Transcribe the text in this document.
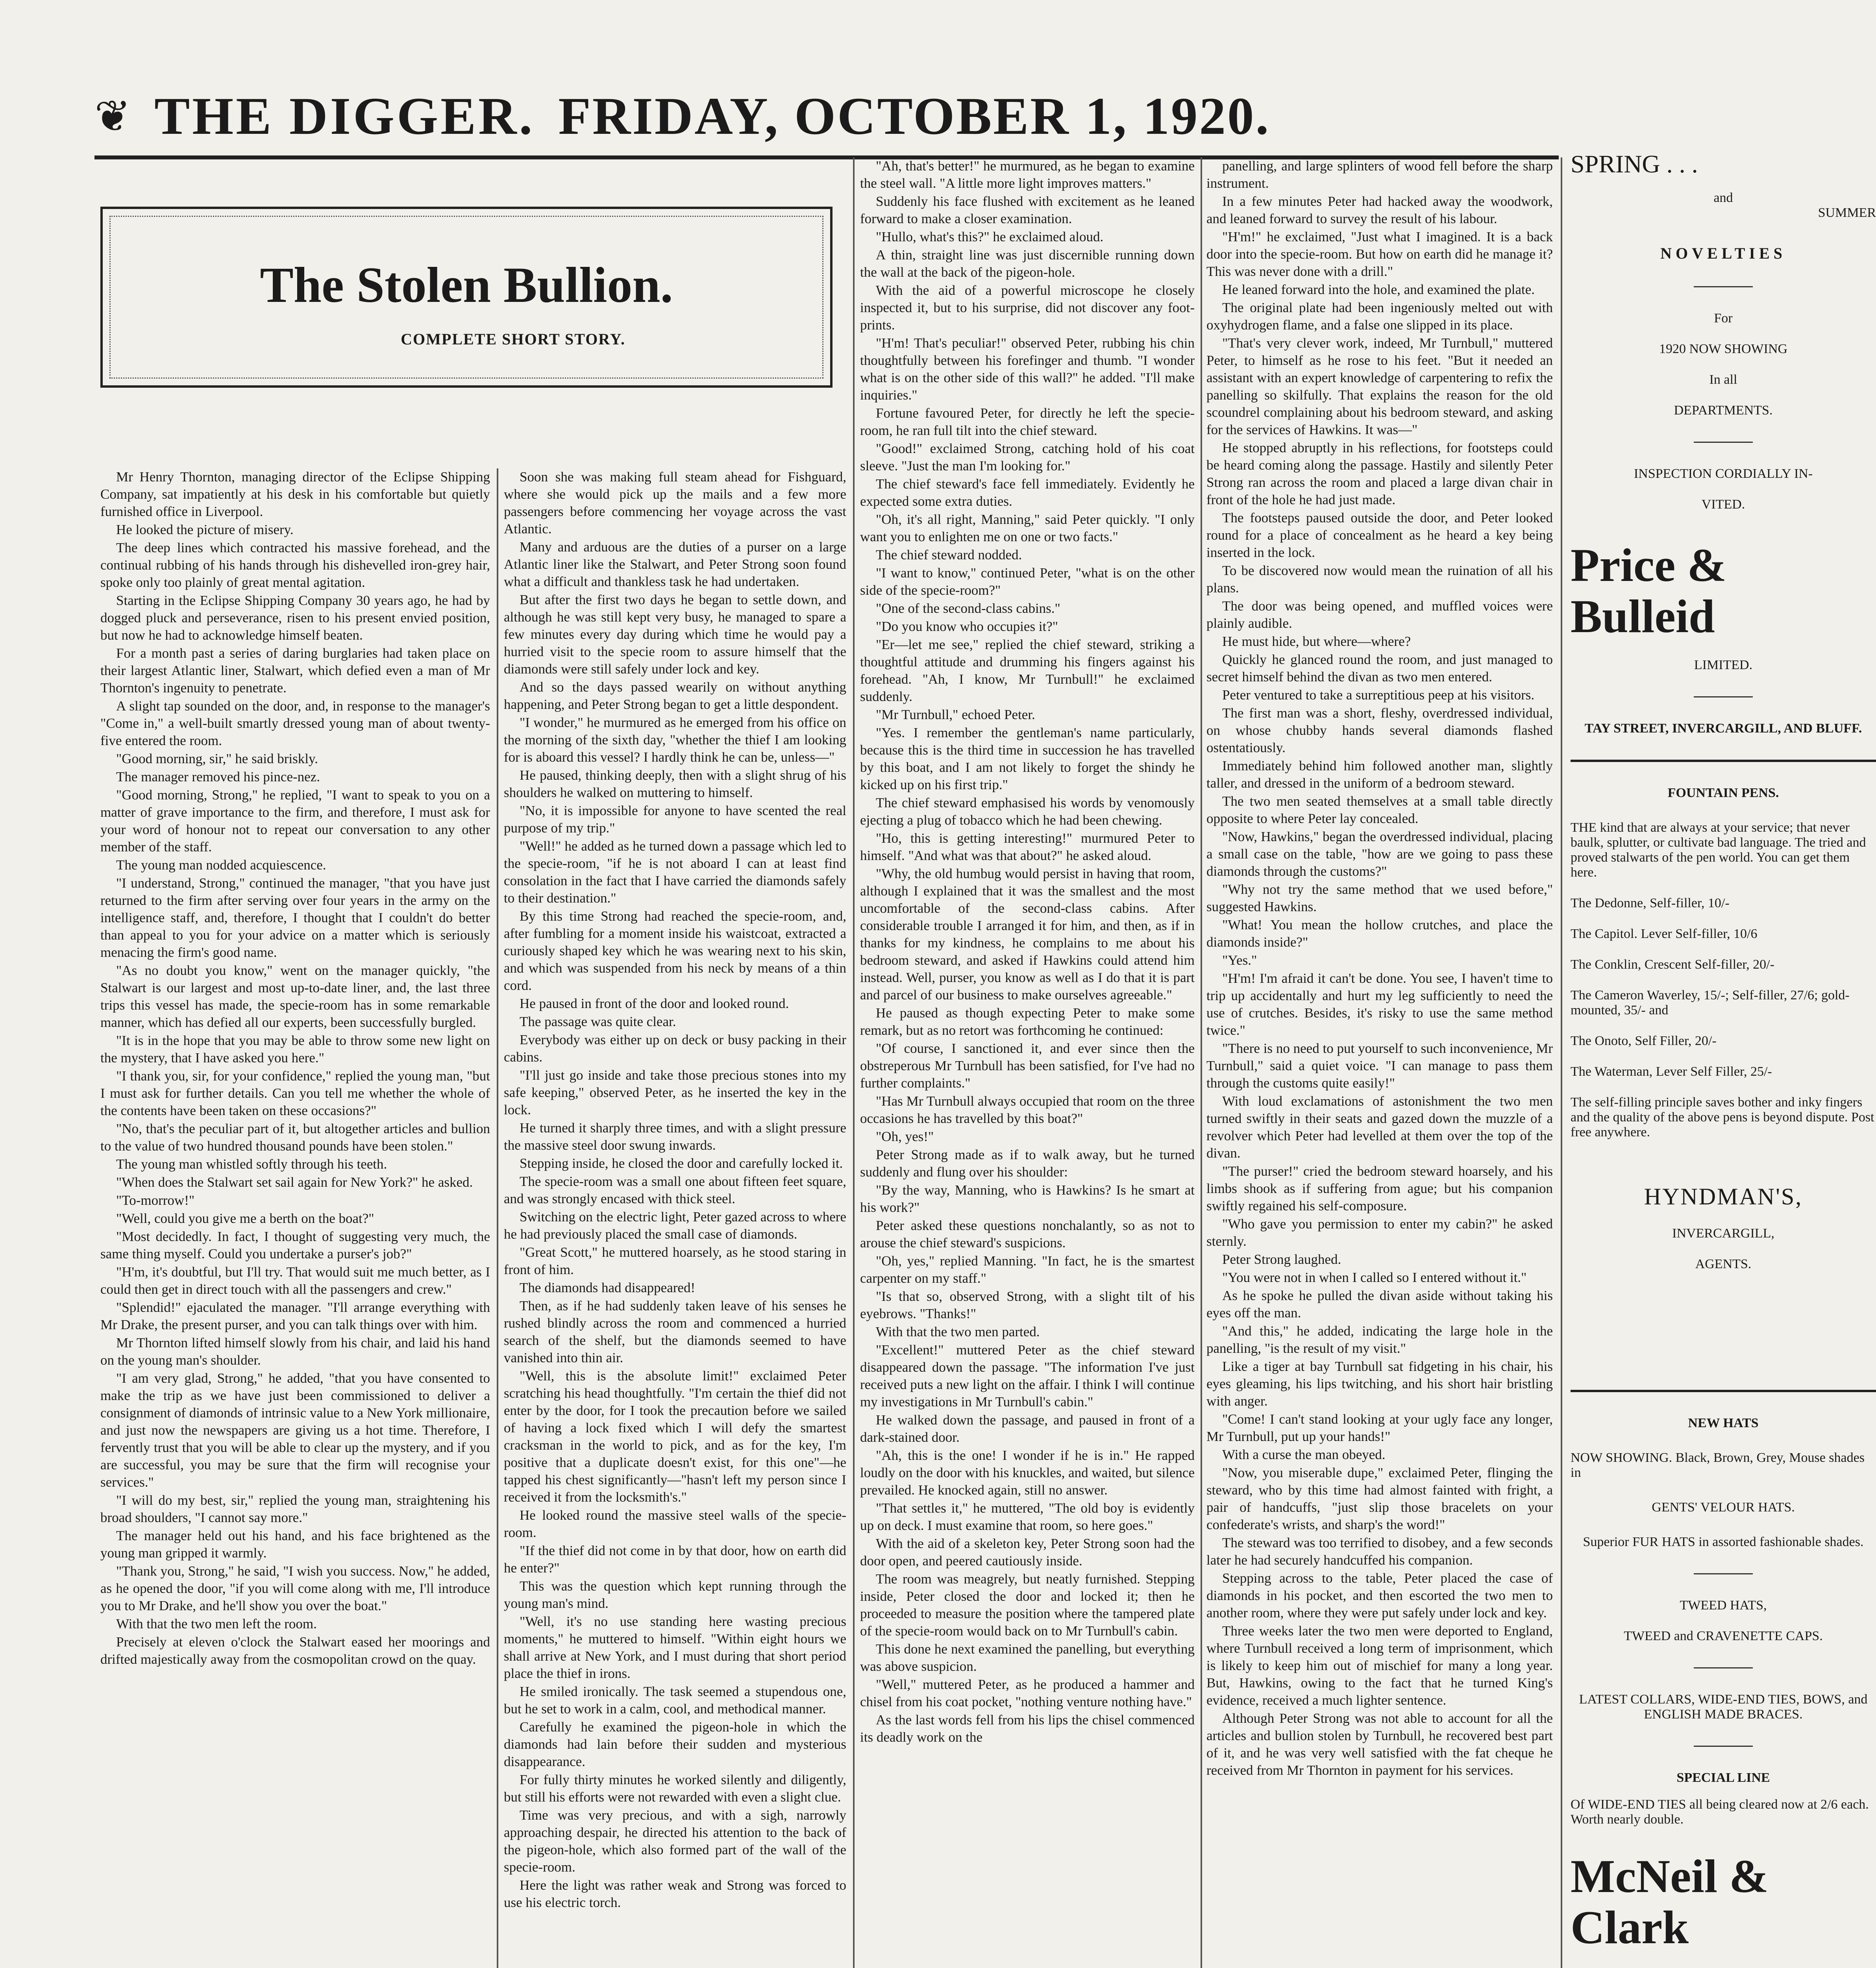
❦ THE DIGGER. FRIDAY, OCTOBER 1, 1920.
The Stolen Bullion.
COMPLETE SHORT STORY.

Mr Henry Thornton, managing director of the Eclipse Shipping Company, sat impatiently at his desk in his comfortable but quietly furnished office in Liverpool.

He looked the picture of misery.

The deep lines which contracted his massive forehead, and the continual rubbing of his hands through his dishevelled iron-grey hair, spoke only too plainly of great mental agitation.

Starting in the Eclipse Shipping Company 30 years ago, he had by dogged pluck and perseverance, risen to his present envied position, but now he had to acknowledge himself beaten.

For a month past a series of daring burglaries had taken place on their largest Atlantic liner, Stalwart, which defied even a man of Mr Thornton's ingenuity to penetrate.

A slight tap sounded on the door, and, in response to the manager's "Come in," a well-built smartly dressed young man of about twenty-five entered the room.

"Good morning, sir," he said briskly.

The manager removed his pince-nez.

"Good morning, Strong," he replied, "I want to speak to you on a matter of grave importance to the firm, and therefore, I must ask for your word of honour not to repeat our conversation to any other member of the staff.

The young man nodded acquiescence.

"I understand, Strong," continued the manager, "that you have just returned to the firm after serving over four years in the army on the intelligence staff, and, therefore, I thought that I couldn't do better than appeal to you for your advice on a matter which is seriously menacing the firm's good name.

"As no doubt you know," went on the manager quickly, "the Stalwart is our largest and most up-to-date liner, and, the last three trips this vessel has made, the specie-room has in some remarkable manner, which has defied all our experts, been successfully burgled.

"It is in the hope that you may be able to throw some new light on the mystery, that I have asked you here."

"I thank you, sir, for your confidence," replied the young man, "but I must ask for further details. Can you tell me whether the whole of the contents have been taken on these occasions?"

"No, that's the peculiar part of it, but altogether articles and bullion to the value of two hundred thousand pounds have been stolen."

The young man whistled softly through his teeth.

"When does the Stalwart set sail again for New York?" he asked.

"To-morrow!"

"Well, could you give me a berth on the boat?"

"Most decidedly. In fact, I thought of suggesting very much, the same thing myself. Could you undertake a purser's job?"

"H'm, it's doubtful, but I'll try. That would suit me much better, as I could then get in direct touch with all the passengers and crew."

"Splendid!" ejaculated the manager. "I'll arrange everything with Mr Drake, the present purser, and you can talk things over with him.

Mr Thornton lifted himself slowly from his chair, and laid his hand on the young man's shoulder.

"I am very glad, Strong," he added, "that you have consented to make the trip as we have just been commissioned to deliver a consignment of diamonds of intrinsic value to a New York millionaire, and just now the newspapers are giving us a hot time. Therefore, I fervently trust that you will be able to clear up the mystery, and if you are successful, you may be sure that the firm will recognise your services."

"I will do my best, sir," replied the young man, straightening his broad shoulders, "I cannot say more."

The manager held out his hand, and his face brightened as the young man gripped it warmly.

"Thank you, Strong," he said, "I wish you success. Now," he added, as he opened the door, "if you will come along with me, I'll introduce you to Mr Drake, and he'll show you over the boat."

With that the two men left the room.

Precisely at eleven o'clock the Stalwart eased her moorings and drifted majestically away from the cosmopolitan crowd on the quay.

Soon she was making full steam ahead for Fishguard, where she would pick up the mails and a few more passengers before commencing her voyage across the vast Atlantic.

Many and arduous are the duties of a purser on a large Atlantic liner like the Stalwart, and Peter Strong soon found what a difficult and thankless task he had undertaken.

But after the first two days he began to settle down, and although he was still kept very busy, he managed to spare a few minutes every day during which time he would pay a hurried visit to the specie room to assure himself that the diamonds were still safely under lock and key.

And so the days passed wearily on without anything happening, and Peter Strong began to get a little despondent.

"I wonder," he murmured as he emerged from his office on the morning of the sixth day, "whether the thief I am looking for is aboard this vessel? I hardly think he can be, unless—"

He paused, thinking deeply, then with a slight shrug of his shoulders he walked on muttering to himself.

"No, it is impossible for anyone to have scented the real purpose of my trip."

"Well!" he added as he turned down a passage which led to the specie-room, "if he is not aboard I can at least find consolation in the fact that I have carried the diamonds safely to their destination."

By this time Strong had reached the specie-room, and, after fumbling for a moment inside his waistcoat, extracted a curiously shaped key which he was wearing next to his skin, and which was suspended from his neck by means of a thin cord.

He paused in front of the door and looked round.

The passage was quite clear.

Everybody was either up on deck or busy packing in their cabins.

"I'll just go inside and take those precious stones into my safe keeping," observed Peter, as he inserted the key in the lock.

He turned it sharply three times, and with a slight pressure the massive steel door swung inwards.

Stepping inside, he closed the door and carefully locked it.

The specie-room was a small one about fifteen feet square, and was strongly encased with thick steel.

Switching on the electric light, Peter gazed across to where he had previously placed the small case of diamonds.

"Great Scott," he muttered hoarsely, as he stood staring in front of him.

The diamonds had disappeared!

Then, as if he had suddenly taken leave of his senses he rushed blindly across the room and commenced a hurried search of the shelf, but the diamonds seemed to have vanished into thin air.

"Well, this is the absolute limit!" exclaimed Peter scratching his head thoughtfully. "I'm certain the thief did not enter by the door, for I took the precaution before we sailed of having a lock fixed which I will defy the smartest cracksman in the world to pick, and as for the key, I'm positive that a duplicate doesn't exist, for this one"—he tapped his chest significantly—"hasn't left my person since I received it from the locksmith's."

He looked round the massive steel walls of the specie-room.

"If the thief did not come in by that door, how on earth did he enter?"

This was the question which kept running through the young man's mind.

"Well, it's no use standing here wasting precious moments," he muttered to himself. "Within eight hours we shall arrive at New York, and I must during that short period place the thief in irons.

He smiled ironically. The task seemed a stupendous one, but he set to work in a calm, cool, and methodical manner.

Carefully he examined the pigeon-hole in which the diamonds had lain before their sudden and mysterious disappearance.

For fully thirty minutes he worked silently and diligently, but still his efforts were not rewarded with even a slight clue.

Time was very precious, and with a sigh, narrowly approaching despair, he directed his attention to the back of the pigeon-hole, which also formed part of the wall of the specie-room.

Here the light was rather weak and Strong was forced to use his electric torch.

"Ah, that's better!" he murmured, as he began to examine the steel wall. "A little more light improves matters."

Suddenly his face flushed with excitement as he leaned forward to make a closer examination.

"Hullo, what's this?" he exclaimed aloud.

A thin, straight line was just discernible running down the wall at the back of the pigeon-hole.

With the aid of a powerful microscope he closely inspected it, but to his surprise, did not discover any foot-prints.

"H'm! That's peculiar!" observed Peter, rubbing his chin thoughtfully between his forefinger and thumb. "I wonder what is on the other side of this wall?" he added. "I'll make inquiries."

Fortune favoured Peter, for directly he left the specie-room, he ran full tilt into the chief steward.

"Good!" exclaimed Strong, catching hold of his coat sleeve. "Just the man I'm looking for."

The chief steward's face fell immediately. Evidently he expected some extra duties.

"Oh, it's all right, Manning," said Peter quickly. "I only want you to enlighten me on one or two facts."

The chief steward nodded.

"I want to know," continued Peter, "what is on the other side of the specie-room?"

"One of the second-class cabins."

"Do you know who occupies it?"

"Er—let me see," replied the chief steward, striking a thoughtful attitude and drumming his fingers against his forehead. "Ah, I know, Mr Turnbull!" he exclaimed suddenly.

"Mr Turnbull," echoed Peter.

"Yes. I remember the gentleman's name particularly, because this is the third time in succession he has travelled by this boat, and I am not likely to forget the shindy he kicked up on his first trip."

The chief steward emphasised his words by venomously ejecting a plug of tobacco which he had been chewing.

"Ho, this is getting interesting!" murmured Peter to himself. "And what was that about?" he asked aloud.

"Why, the old humbug would persist in having that room, although I explained that it was the smallest and the most uncomfortable of the second-class cabins. After considerable trouble I arranged it for him, and then, as if in thanks for my kindness, he complains to me about his bedroom steward, and asked if Hawkins could attend him instead. Well, purser, you know as well as I do that it is part and parcel of our business to make ourselves agreeable."

He paused as though expecting Peter to make some remark, but as no retort was forthcoming he continued:

"Of course, I sanctioned it, and ever since then the obstreperous Mr Turnbull has been satisfied, for I've had no further complaints."

"Has Mr Turnbull always occupied that room on the three occasions he has travelled by this boat?"

"Oh, yes!"

Peter Strong made as if to walk away, but he turned suddenly and flung over his shoulder:

"By the way, Manning, who is Hawkins? Is he smart at his work?"

Peter asked these questions nonchalantly, so as not to arouse the chief steward's suspicions.

"Oh, yes," replied Manning. "In fact, he is the smartest carpenter on my staff."

"Is that so, observed Strong, with a slight tilt of his eyebrows. "Thanks!"

With that the two men parted.

"Excellent!" muttered Peter as the chief steward disappeared down the passage. "The information I've just received puts a new light on the affair. I think I will continue my investigations in Mr Turnbull's cabin."

He walked down the passage, and paused in front of a dark-stained door.

"Ah, this is the one! I wonder if he is in." He rapped loudly on the door with his knuckles, and waited, but silence prevailed. He knocked again, still no answer.

"That settles it," he muttered, "The old boy is evidently up on deck. I must examine that room, so here goes."

With the aid of a skeleton key, Peter Strong soon had the door open, and peered cautiously inside.

The room was meagrely, but neatly furnished. Stepping inside, Peter closed the door and locked it; then he proceeded to measure the position where the tampered plate of the specie-room would back on to Mr Turnbull's cabin.

This done he next examined the panelling, but everything was above suspicion.

"Well," muttered Peter, as he produced a hammer and chisel from his coat pocket, "nothing venture nothing have."

As the last words fell from his lips the chisel commenced its deadly work on the

panelling, and large splinters of wood fell before the sharp instrument.

In a few minutes Peter had hacked away the woodwork, and leaned forward to survey the result of his labour.

"H'm!" he exclaimed, "Just what I imagined. It is a back door into the specie-room. But how on earth did he manage it? This was never done with a drill."

He leaned forward into the hole, and examined the plate.

The original plate had been ingeniously melted out with oxyhydrogen flame, and a false one slipped in its place.

"That's very clever work, indeed, Mr Turnbull," muttered Peter, to himself as he rose to his feet. "But it needed an assistant with an expert knowledge of carpentering to refix the panelling so skilfully. That explains the reason for the old scoundrel complaining about his bedroom steward, and asking for the services of Hawkins. It was—"

He stopped abruptly in his reflections, for footsteps could be heard coming along the passage. Hastily and silently Peter Strong ran across the room and placed a large divan chair in front of the hole he had just made.

The footsteps paused outside the door, and Peter looked round for a place of concealment as he heard a key being inserted in the lock.

To be discovered now would mean the ruination of all his plans.

The door was being opened, and muffled voices were plainly audible.

He must hide, but where—where?

Quickly he glanced round the room, and just managed to secret himself behind the divan as two men entered.

Peter ventured to take a surreptitious peep at his visitors.

The first man was a short, fleshy, overdressed individual, on whose chubby hands several diamonds flashed ostentatiously.

Immediately behind him followed another man, slightly taller, and dressed in the uniform of a bedroom steward.

The two men seated themselves at a small table directly opposite to where Peter lay concealed.

"Now, Hawkins," began the overdressed individual, placing a small case on the table, "how are we going to pass these diamonds through the customs?"

"Why not try the same method that we used before," suggested Hawkins.

"What! You mean the hollow crutches, and place the diamonds inside?"

"Yes."

"H'm! I'm afraid it can't be done. You see, I haven't time to trip up accidentally and hurt my leg sufficiently to need the use of crutches. Besides, it's risky to use the same method twice."

"There is no need to put yourself to such inconvenience, Mr Turnbull," said a quiet voice. "I can manage to pass them through the customs quite easily!"

With loud exclamations of astonishment the two men turned swiftly in their seats and gazed down the muzzle of a revolver which Peter had levelled at them over the top of the divan.

"The purser!" cried the bedroom steward hoarsely, and his limbs shook as if suffering from ague; but his companion swiftly regained his self-composure.

"Who gave you permission to enter my cabin?" he asked sternly.

Peter Strong laughed.

"You were not in when I called so I entered without it."

As he spoke he pulled the divan aside without taking his eyes off the man.

"And this," he added, indicating the large hole in the panelling, "is the result of my visit."

Like a tiger at bay Turnbull sat fidgeting in his chair, his eyes gleaming, his lips twitching, and his short hair bristling with anger.

"Come! I can't stand looking at your ugly face any longer, Mr Turnbull, put up your hands!"

With a curse the man obeyed.

"Now, you miserable dupe," exclaimed Peter, flinging the steward, who by this time had almost fainted with fright, a pair of handcuffs, "just slip those bracelets on your confederate's wrists, and sharp's the word!"

The steward was too terrified to disobey, and a few seconds later he had securely handcuffed his companion.

Stepping across to the table, Peter placed the case of diamonds in his pocket, and then escorted the two men to another room, where they were put safely under lock and key.

Three weeks later the two men were deported to England, where Turnbull received a long term of imprisonment, which is likely to keep him out of mischief for many a long year. But, Hawkins, owing to the fact that he turned King's evidence, received a much lighter sentence.

Although Peter Strong was not able to account for all the articles and bullion stolen by Turnbull, he recovered best part of it, and he was very well satisfied with the fat cheque he received from Mr Thornton in payment for his services.

SPRING . . .
and
SUMMER
NOVELTIES
For
1920 NOW SHOWING
In all
DEPARTMENTS.
INSPECTION CORDIALLY IN-
VITED.
Price & Bulleid
LIMITED.
TAY STREET, INVERCARGILL, AND BLUFF.
FOUNTAIN PENS.
THE kind that are always at your service; that never baulk, splutter, or cultivate bad language. The tried and proved stalwarts of the pen world. You can get them here.
The Dedonne, Self-filler, 10/-
The Capitol. Lever Self-filler, 10/6
The Conklin, Crescent Self-filler, 20/-
The Cameron Waverley, 15/-; Self-filler, 27/6; gold-mounted, 35/- and
The Onoto, Self Filler, 20/-
The Waterman, Lever Self Filler, 25/-
The self-filling principle saves bother and inky fingers and the quality of the above pens is beyond dispute. Post free anywhere.
HYNDMAN'S,
INVERCARGILL,
AGENTS.
NEW HATS
NOW SHOWING. Black, Brown, Grey, Mouse shades in
GENTS' VELOUR HATS.
Superior FUR HATS in assorted fashionable shades.
TWEED HATS,
TWEED and CRAVENETTE CAPS.
LATEST COLLARS, WIDE-END TIES, BOWS, and ENGLISH MADE BRACES.
SPECIAL LINE
Of WIDE-END TIES all being cleared now at 2/6 each. Worth nearly double.
McNeil & Clark
